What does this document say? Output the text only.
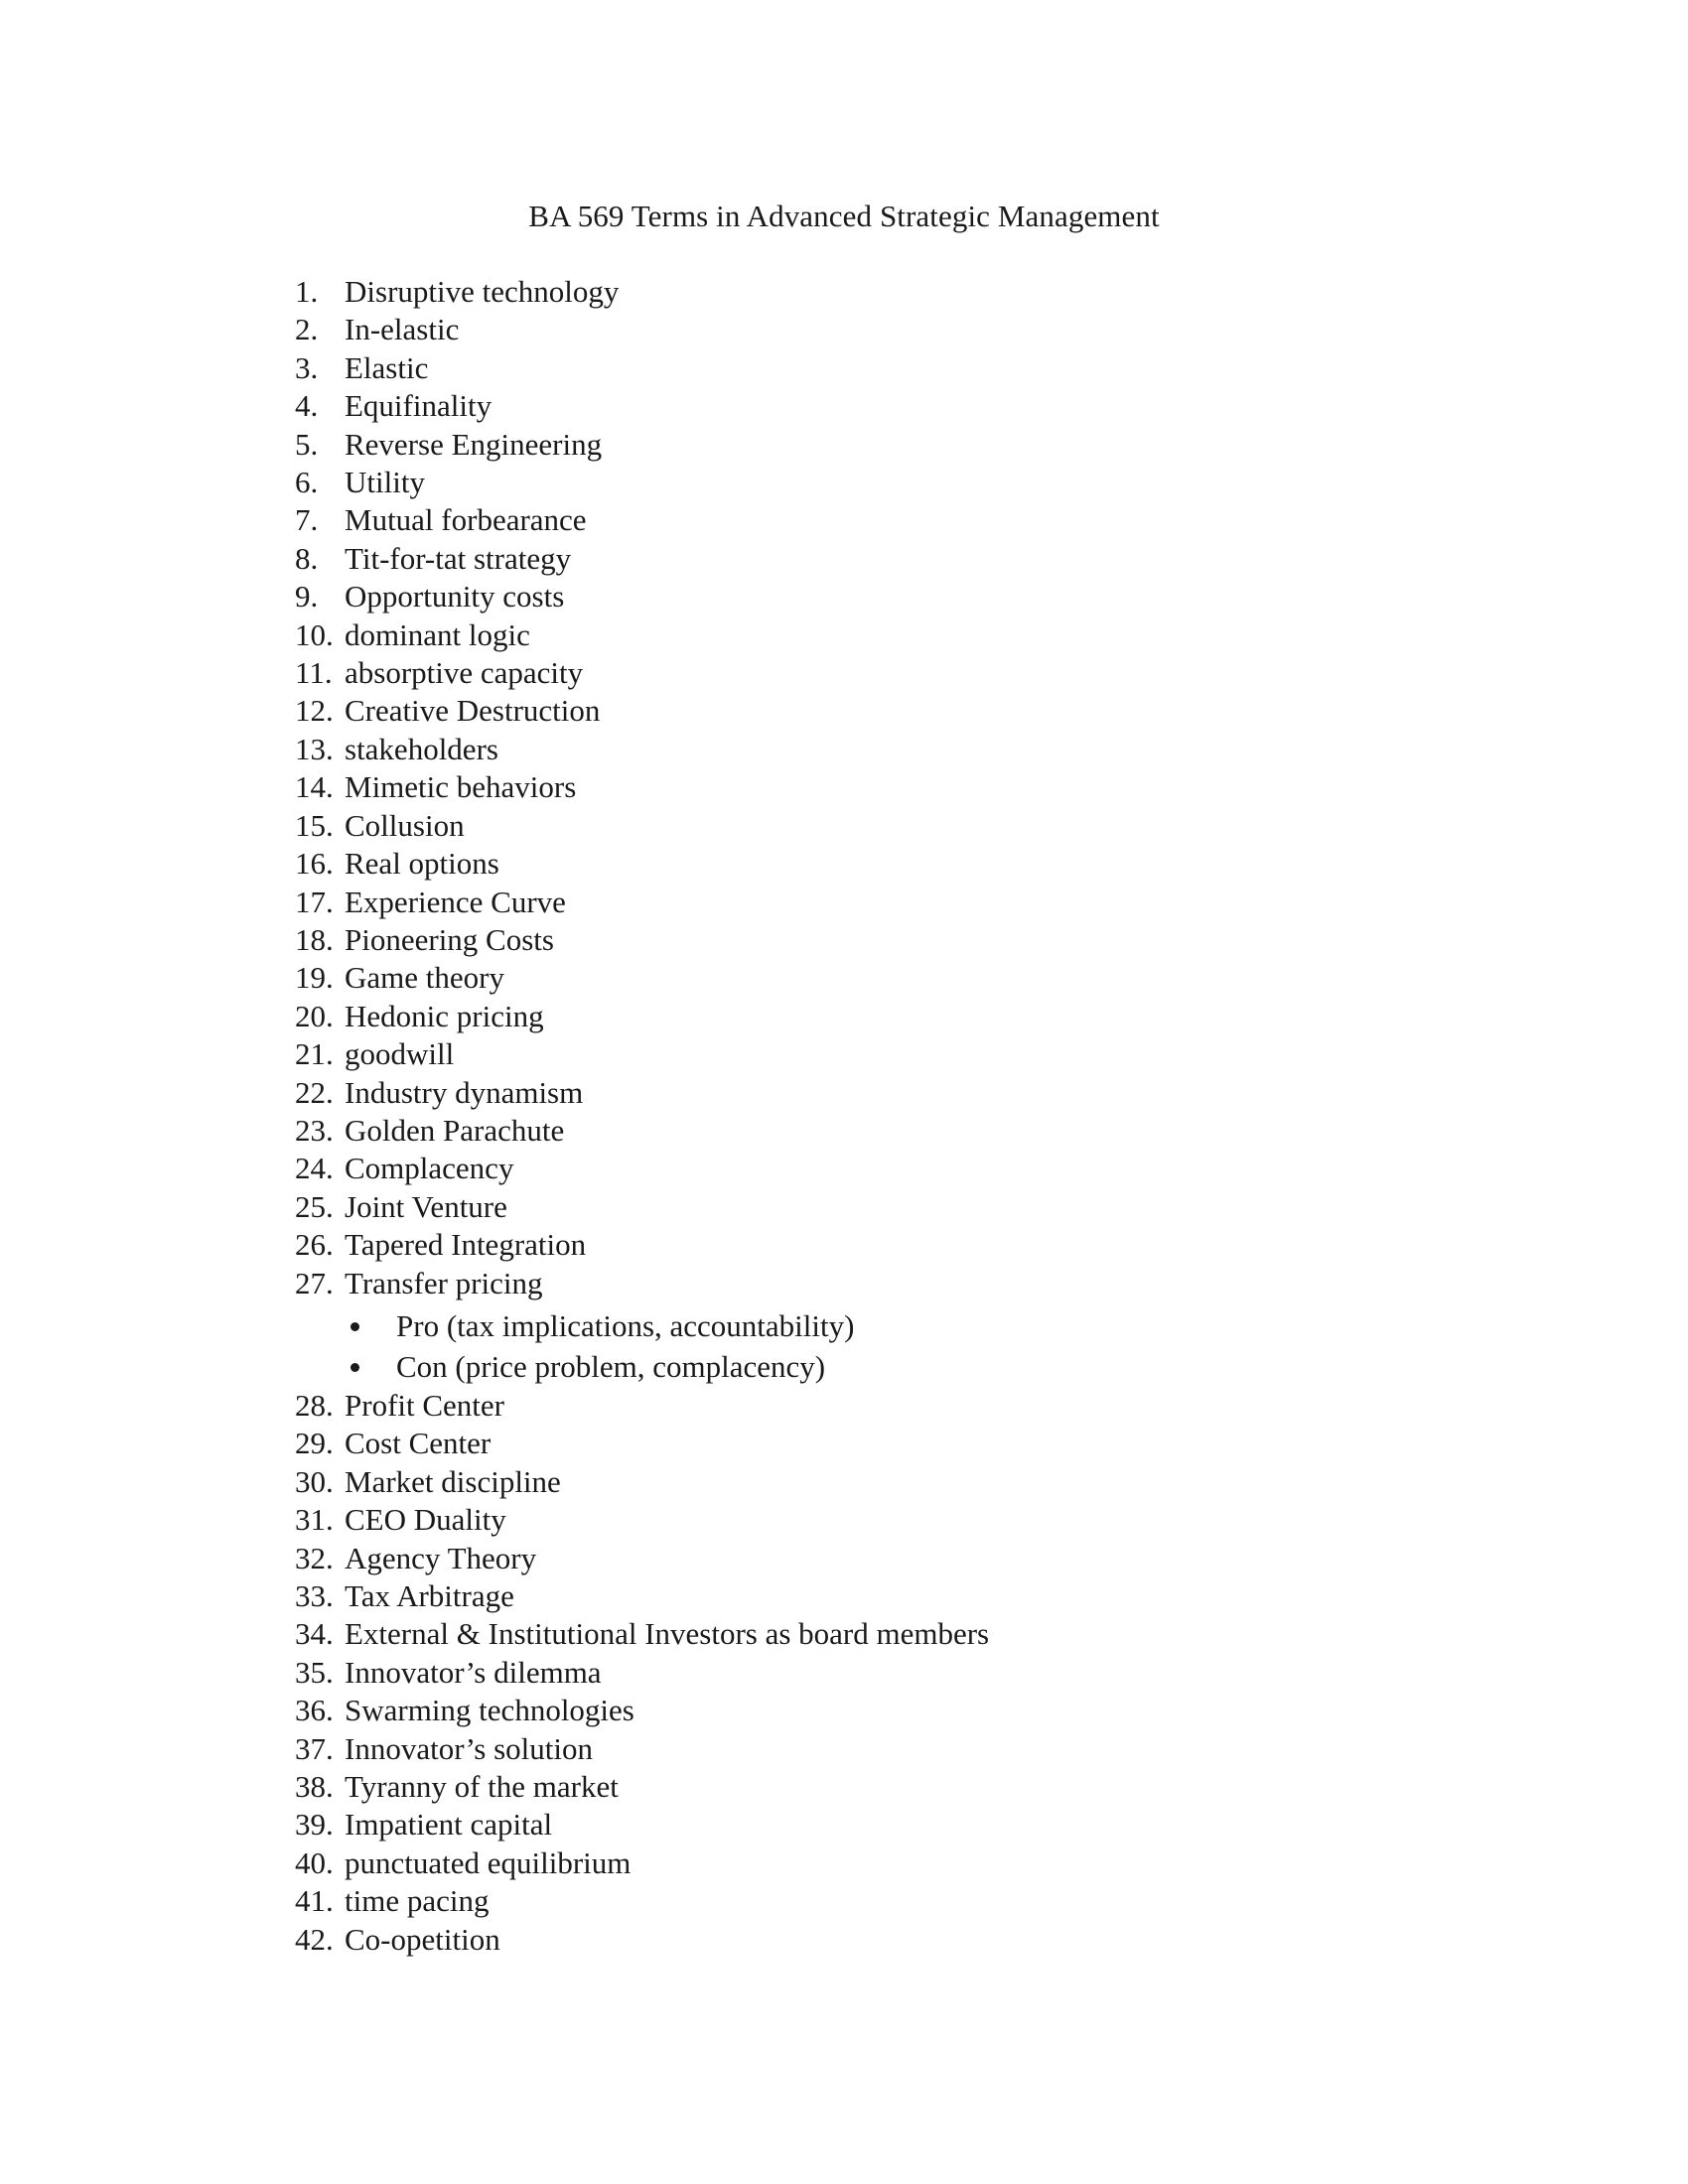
BA 569 Terms in Advanced Strategic Management
1. Disruptive technology
2. In-elastic
3. Elastic
4. Equifinality
5. Reverse Engineering
6. Utility
7. Mutual forbearance
8. Tit-for-tat strategy
9. Opportunity costs
10. dominant logic
11. absorptive capacity
12. Creative Destruction
13. stakeholders
14. Mimetic behaviors
15. Collusion
16. Real options
17. Experience Curve
18. Pioneering Costs
19. Game theory
20. Hedonic pricing
21. goodwill
22. Industry dynamism
23. Golden Parachute
24. Complacency
25. Joint Venture
26. Tapered Integration
27. Transfer pricing
Pro (tax implications, accountability)
Con (price problem, complacency)
28. Profit Center
29. Cost Center
30. Market discipline
31. CEO Duality
32. Agency Theory
33. Tax Arbitrage
34. External & Institutional Investors as board members
35. Innovator’s dilemma
36. Swarming technologies
37. Innovator’s solution
38. Tyranny of the market
39. Impatient capital
40. punctuated equilibrium
41. time pacing
42. Co-opetition
